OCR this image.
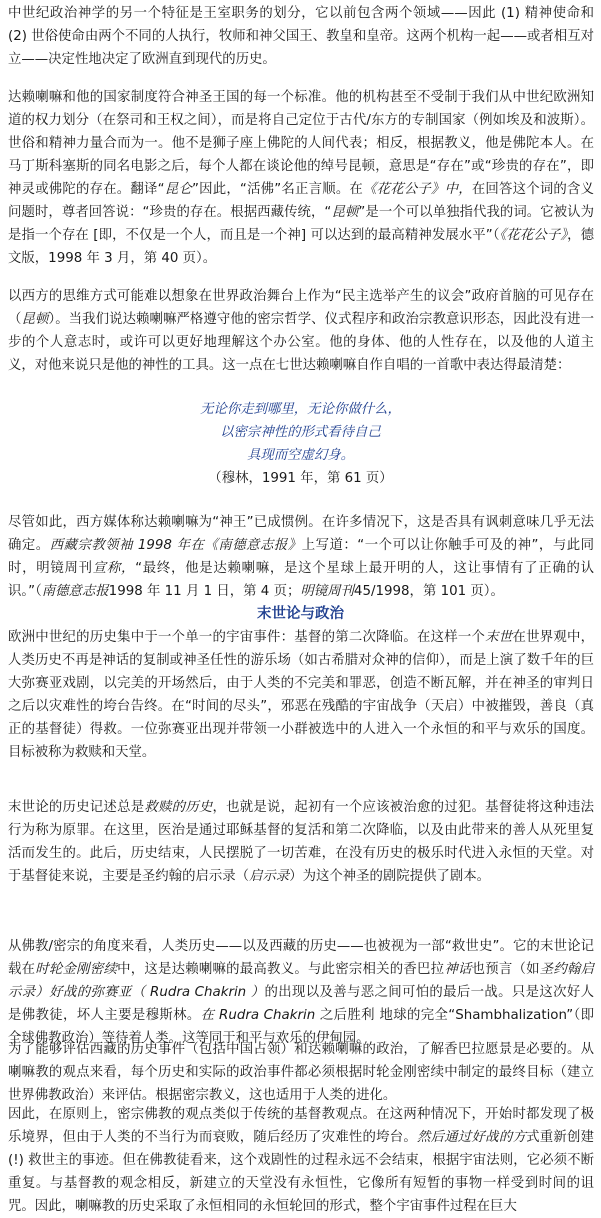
中世纪政治神学的另一个特征是王室职务的划分，它以前包含两个领域——因此 (1) 精神使命和 (2) 世俗使命由两个不同的人执行，牧师和神父国王、教皇和皇帝。这两个机构一起——或者相互对立——决定性地决定了欧洲直到现代的历史。

达赖喇嘛和他的国家制度符合神圣王国的每一个标准。他的机构甚至不受制于我们从中世纪欧洲知道的权力划分（在祭司和王权之间），而是将自己定位于古代/东方的专制国家（例如埃及和波斯）。世俗和精神力量合而为一。他不是狮子座上佛陀的人间代表；相反，根据教义，他是佛陀本人。在马丁斯科塞斯的同名电影之后，每个人都在谈论他的绰号昆顿，意思是“存在”或“珍贵的存在”，即神灵或佛陀的存在。翻译“昆仑”因此，“活佛”名正言顺。在《花花公子》中，在回答这个词的含义问题时，尊者回答说：“珍贵的存在。根据西藏传统，“昆顿”是一个可以单独指代我的词。它被认为是指一个存在 [即，不仅是一个人，而且是一个神] 可以达到的最高精神发展水平”（《花花公子》，德文版，1998 年 3 月，第 40 页）。

以西方的思维方式可能难以想象在世界政治舞台上作为“民主选举产生的议会”政府首脑的可见存在（昆顿）。当我们说达赖喇嘛严格遵守他的密宗哲学、仪式程序和政治宗教意识形态，因此没有进一步的个人意志时，或许可以更好地理解这个办公室。他的身体、他的人性存在，以及他的人道主义，对他来说只是他的神性的工具。这一点在七世达赖喇嘛自作自唱的一首歌中表达得最清楚：

无论你走到哪里，无论你做什么，
以密宗神性的形式看待自己
具现而空虚幻身。
（穆林，1991 年，第 61 页）

尽管如此，西方媒体称达赖喇嘛为“神王”已成惯例。在许多情况下，这是否具有讽刺意味几乎无法确定。西藏宗教领袖 1998 年在《南德意志报》上写道：“一个可以让你触手可及的神”，与此同时，明镜周刊宣称，“最终，他是达赖喇嘛，是这个星球上最开明的人，这让事情有了正确的认识。”（南德意志报1998 年 11 月 1 日，第 4 页；明镜周刊45/1998，第 101 页）。

末世论与政治

欧洲中世纪的历史集中于一个单一的宇宙事件：基督的第二次降临。在这样一个末世在世界观中，人类历史不再是神话的复制或神圣任性的游乐场（如古希腊对众神的信仰），而是上演了数千年的巨大弥赛亚戏剧，以完美的开场然后，由于人类的不完美和罪恶，创造不断瓦解，并在神圣的审判日之后以灾难性的垮台告终。在“时间的尽头”，邪恶在残酷的宇宙战争（天启）中被摧毁，善良（真正的基督徒）得救。一位弥赛亚出现并带领一小群被选中的人进入一个永恒的和平与欢乐的国度。目标被称为救赎和天堂。

末世论的历史记述总是救赎的历史，也就是说，起初有一个应该被治愈的过犯。基督徒将这种违法行为称为原罪。在这里，医治是通过耶稣基督的复活和第二次降临，以及由此带来的善人从死里复活而发生的。此后，历史结束，人民摆脱了一切苦难，在没有历史的极乐时代进入永恒的天堂。对于基督徒来说，主要是圣约翰的启示录（启示录）为这个神圣的剧院提供了剧本。

从佛教/密宗的角度来看，人类历史——以及西藏的历史——也被视为一部“救世史”。它的末世论记载在时轮金刚密续中，这是达赖喇嘛的最高教义。与此密宗相关的香巴拉神话也预言（如圣约翰启示录）好战的弥赛亚（ Rudra Chakrin ）的出现以及善与恶之间可怕的最后一战。只是这次好人是佛教徒，坏人主要是穆斯林。在 Rudra Chakrin 之后胜利 地球的完全“Shambhalization”（即全球佛教政治）等待着人类。这等同于和平与欢乐的伊甸园。

为了能够评估西藏的历史事件（包括中国占领）和达赖喇嘛的政治，了解香巴拉愿景是必要的。从喇嘛教的观点来看，每个历史和实际的政治事件都必须根据时轮金刚密续中制定的最终目标（建立世界佛教政治）来评估。根据密宗教义，这也适用于人类的进化。

因此，在原则上，密宗佛教的观点类似于传统的基督教观点。在这两种情况下，开始时都发现了极乐境界，但由于人类的不当行为而衰败，随后经历了灾难性的垮台。然后通过好战的方式重新创建(!) 救世主的事迹。但在佛教徒看来，这个戏剧性的过程永远不会结束，根据宇宙法则，它必须不断重复。与基督教的观念相反，新建立的天堂没有永恒性，它像所有短暂的事物一样受到时间的诅咒。因此，喇嘛教的历史采取了永恒相同的永恒轮回的形式，整个宇宙事件过程在巨大
